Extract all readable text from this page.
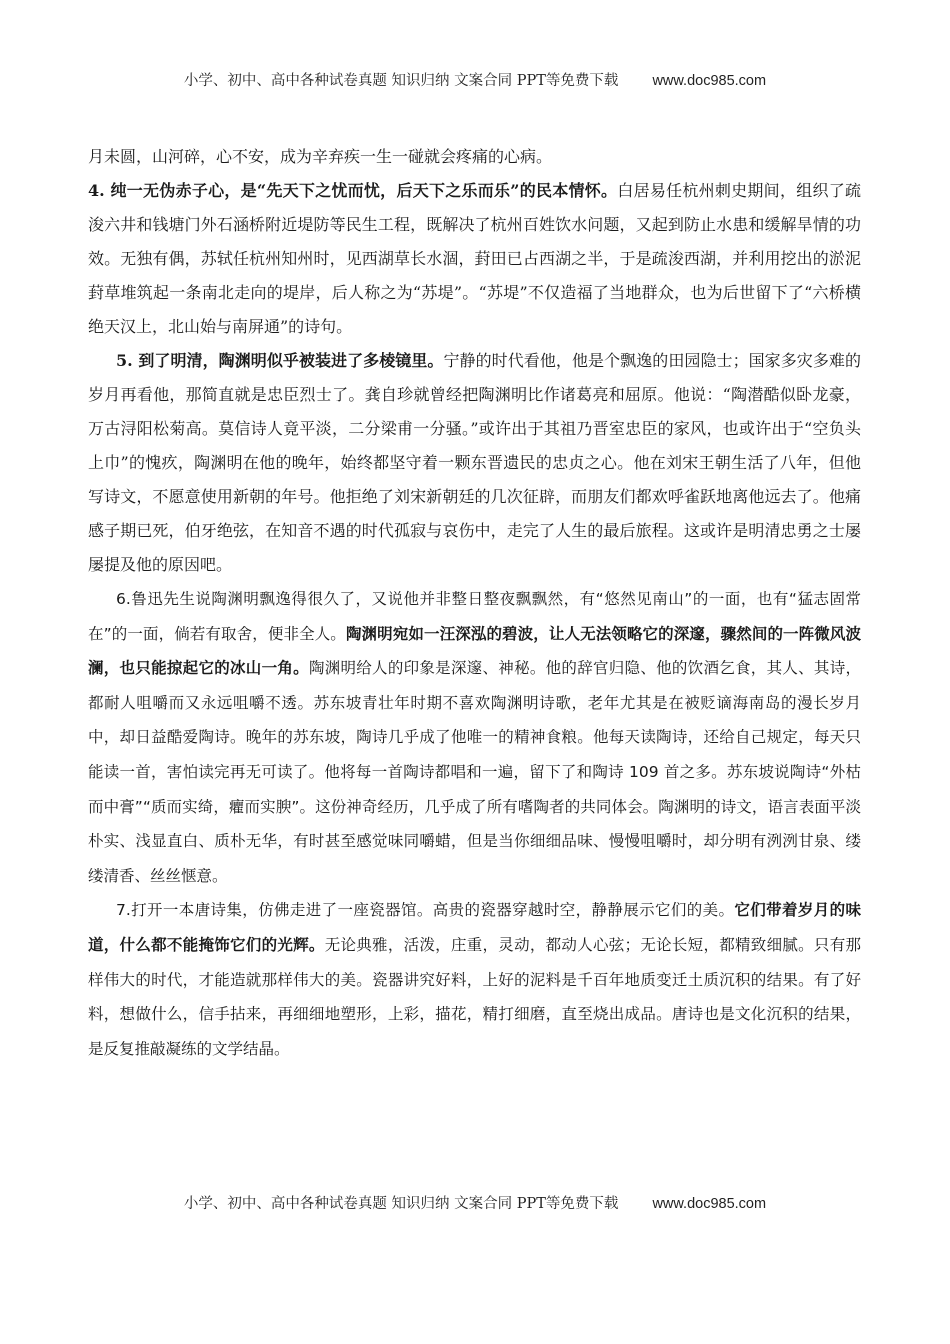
小学、初中、高中各种试卷真题 知识归纳 文案合同 PPT等免费下载 www.doc985.com

月未圆，山河碎，心不安，成为辛弃疾一生一碰就会疼痛的心病。

4. 纯一无伪赤子心，是“先天下之忧而忧，后天下之乐而乐”的民本情怀。白居易任杭州刺史期间，组织了疏浚六井和钱塘门外石涵桥附近堤防等民生工程，既解决了杭州百姓饮水问题，又起到防止水患和缓解旱情的功效。无独有偶，苏轼任杭州知州时，见西湖草长水涸，葑田已占西湖之半，于是疏浚西湖，并利用挖出的淤泥葑草堆筑起一条南北走向的堤岸，后人称之为“苏堤”。“苏堤”不仅造福了当地群众，也为后世留下了“六桥横绝天汉上，北山始与南屏通”的诗句。

5. 到了明清，陶渊明似乎被装进了多棱镜里。宁静的时代看他，他是个飘逸的田园隐士；国家多灾多难的岁月再看他，那简直就是忠臣烈士了。龚自珍就曾经把陶渊明比作诸葛亮和屈原。他说：“陶潜酷似卧龙豪，万古浔阳松菊高。莫信诗人竟平淡，二分梁甫一分骚。”或许出于其祖乃晋室忠臣的家风，也或许出于“空负头上巾”的愧疚，陶渊明在他的晚年，始终都坚守着一颗东晋遗民的忠贞之心。他在刘宋王朝生活了八年，但他写诗文，不愿意使用新朝的年号。他拒绝了刘宋新朝廷的几次征辟，而朋友们都欢呼雀跃地离他远去了。他痛感子期已死，伯牙绝弦，在知音不遇的时代孤寂与哀伤中，走完了人生的最后旅程。这或许是明清忠勇之士屡屡提及他的原因吧。

6.鲁迅先生说陶渊明飘逸得很久了，又说他并非整日整夜飘飘然，有“悠然见南山”的一面，也有“猛志固常在”的一面，倘若有取舍，便非全人。陶渊明宛如一汪深泓的碧波，让人无法领略它的深邃，骤然间的一阵微风波澜，也只能掠起它的冰山一角。陶渊明给人的印象是深邃、神秘。他的辞官归隐、他的饮酒乞食，其人、其诗，都耐人咀嚼而又永远咀嚼不透。苏东坡青壮年时期不喜欢陶渊明诗歌，老年尤其是在被贬谪海南岛的漫长岁月中，却日益酷爱陶诗。晚年的苏东坡，陶诗几乎成了他唯一的精神食粮。他每天读陶诗，还给自己规定，每天只能读一首，害怕读完再无可读了。他将每一首陶诗都唱和一遍，留下了和陶诗 109 首之多。苏东坡说陶诗“外枯而中膏”“质而实绮，癯而实腴”。这份神奇经历，几乎成了所有嗜陶者的共同体会。陶渊明的诗文，语言表面平淡朴实、浅显直白、质朴无华，有时甚至感觉味同嚼蜡，但是当你细细品味、慢慢咀嚼时，却分明有洌洌甘泉、缕缕清香、丝丝惬意。

7.打开一本唐诗集，仿佛走进了一座瓷器馆。高贵的瓷器穿越时空，静静展示它们的美。它们带着岁月的味道，什么都不能掩饰它们的光辉。无论典雅，活泼，庄重，灵动，都动人心弦；无论长短，都精致细腻。只有那样伟大的时代，才能造就那样伟大的美。瓷器讲究好料，上好的泥料是千百年地质变迁土质沉积的结果。有了好料，想做什么，信手拈来，再细细地塑形，上彩，描花，精打细磨，直至烧出成品。唐诗也是文化沉积的结果，是反复推敲凝练的文学结晶。

小学、初中、高中各种试卷真题 知识归纳 文案合同 PPT等免费下载 www.doc985.com
